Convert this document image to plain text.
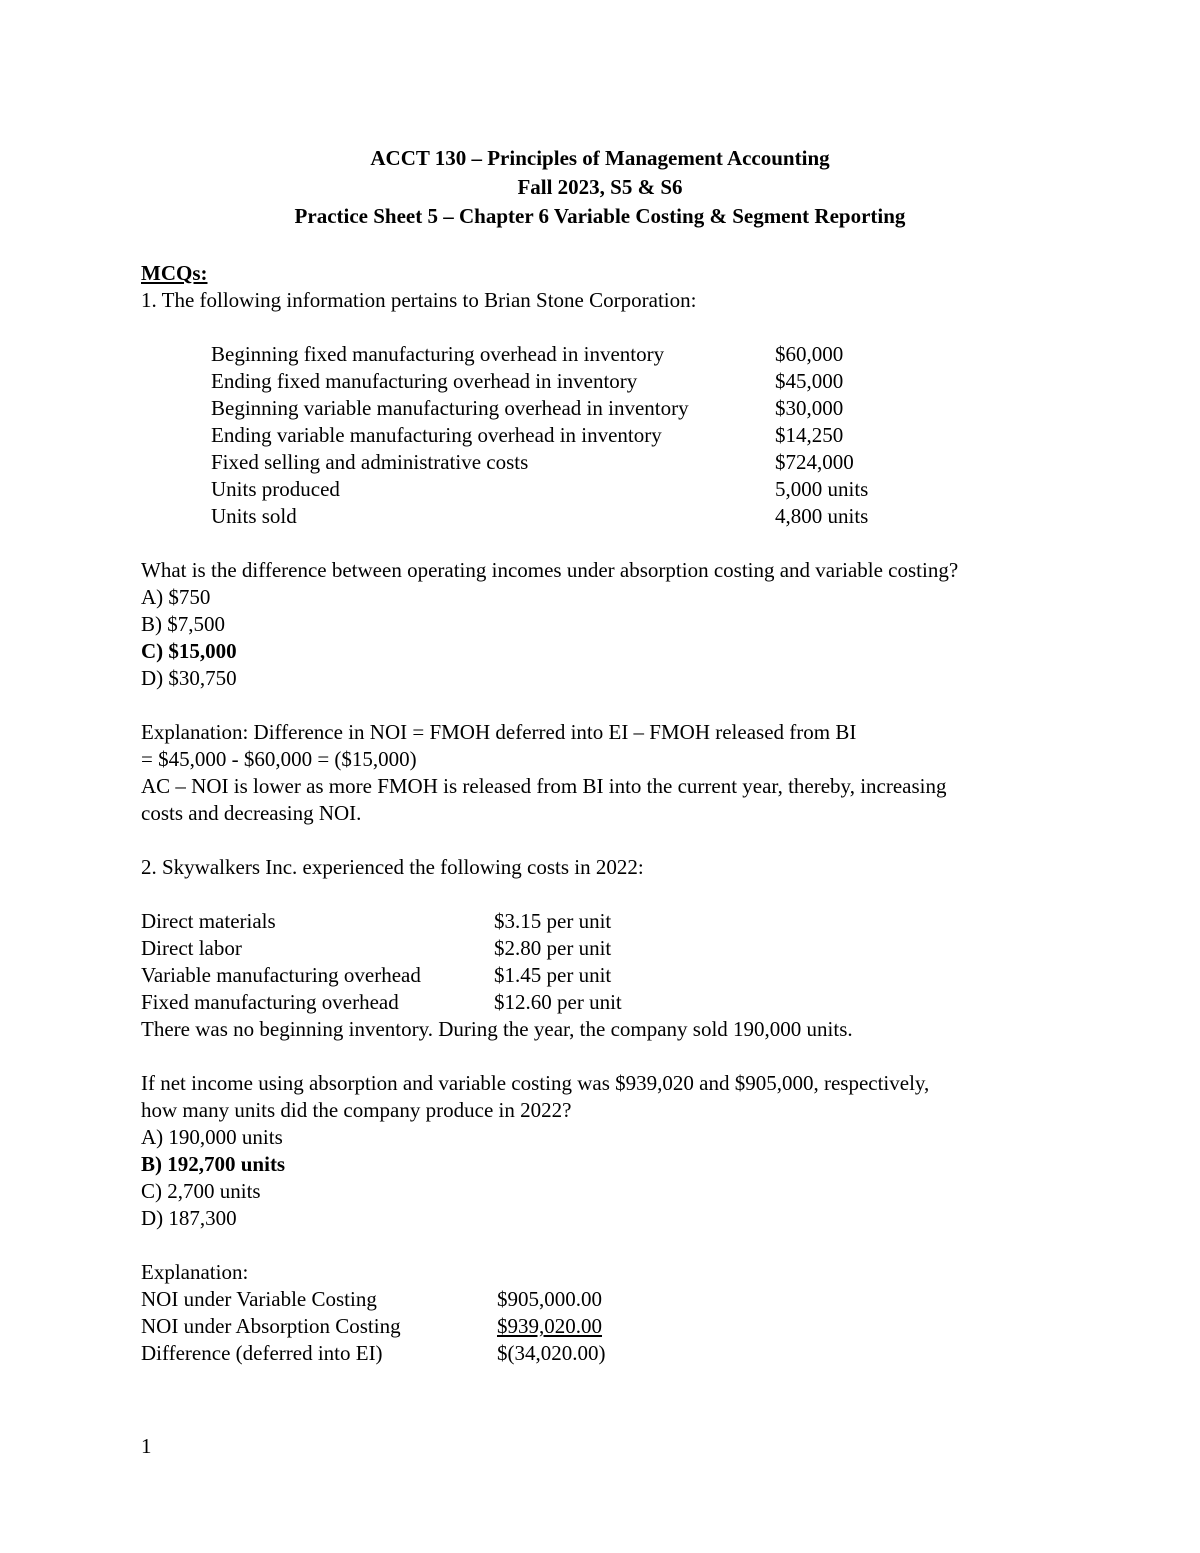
ACCT 130 – Principles of Management Accounting
Fall 2023, S5 & S6
Practice Sheet 5 – Chapter 6 Variable Costing & Segment Reporting
MCQs:
1. The following information pertains to Brian Stone Corporation:
Beginning fixed manufacturing overhead in inventory	$60,000
Ending fixed manufacturing overhead in inventory	$45,000
Beginning variable manufacturing overhead in inventory	$30,000
Ending variable manufacturing overhead in inventory	$14,250
Fixed selling and administrative costs	$724,000
Units produced	5,000 units
Units sold	4,800 units
What is the difference between operating incomes under absorption costing and variable costing?
A) $750
B) $7,500
C) $15,000
D) $30,750
Explanation: Difference in NOI = FMOH deferred into EI – FMOH released from BI
= $45,000 - $60,000 = ($15,000)
AC – NOI is lower as more FMOH is released from BI into the current year, thereby, increasing
costs and decreasing NOI.
2. Skywalkers Inc. experienced the following costs in 2022:
Direct materials	$3.15 per unit
Direct labor	$2.80 per unit
Variable manufacturing overhead	$1.45 per unit
Fixed manufacturing overhead	$12.60 per unit
There was no beginning inventory. During the year, the company sold 190,000 units.
If net income using absorption and variable costing was $939,020 and $905,000, respectively,
how many units did the company produce in 2022?
A) 190,000 units
B) 192,700 units
C) 2,700 units
D) 187,300
Explanation:
NOI under Variable Costing	$905,000.00
NOI under Absorption Costing	$939,020.00
Difference (deferred into EI)	$(34,020.00)
1
